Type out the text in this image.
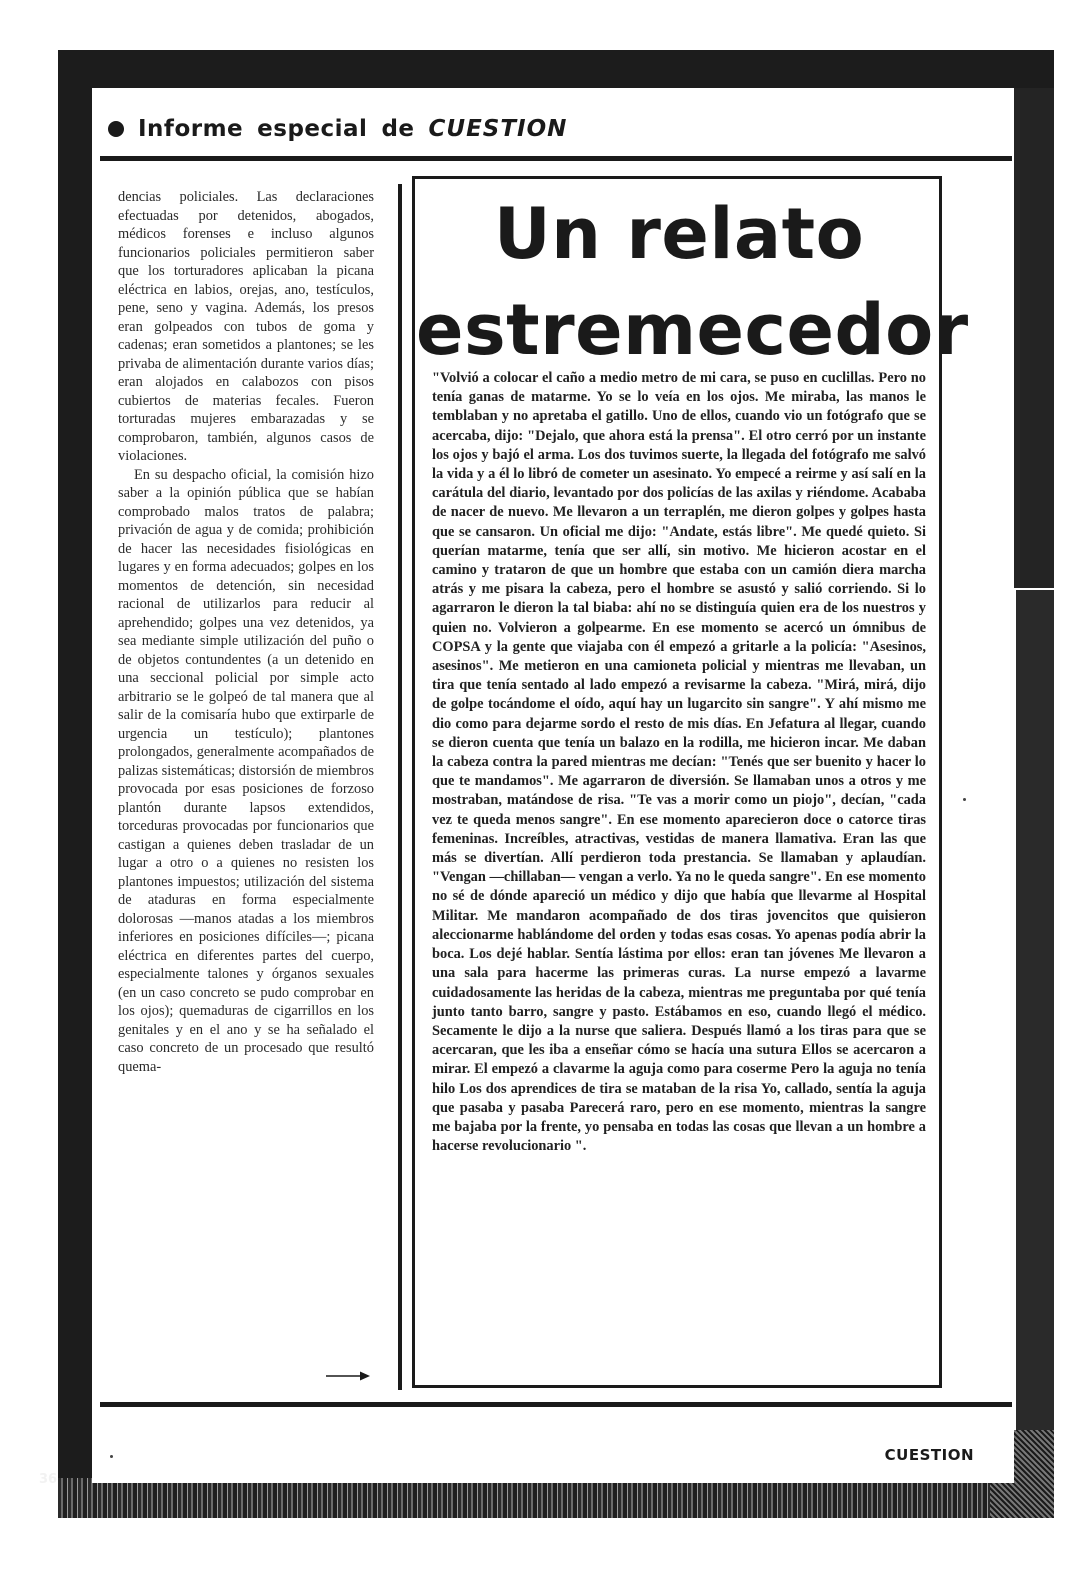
Informe especial de CUESTION

dencias policiales. Las declaraciones efectuadas por detenidos, abogados, médicos forenses e incluso algunos funcionarios policiales permitieron saber que los torturadores aplicaban la picana eléctrica en labios, orejas, ano, testículos, pene, seno y vagina. Además, los presos eran golpeados con tubos de goma y cadenas; eran sometidos a plantones; se les privaba de alimentación durante varios días; eran alojados en calabozos con pisos cubiertos de materias fecales. Fueron torturadas mujeres embarazadas y se comprobaron, también, algunos casos de violaciones.

En su despacho oficial, la comisión hizo saber a la opinión pública que se habían comprobado malos tratos de palabra; privación de agua y de comida; prohibición de hacer las necesidades fisiológicas en lugares y en forma adecuados; golpes en los momentos de detención, sin necesidad racional de utilizarlos para reducir al aprehendido; golpes una vez detenidos, ya sea mediante simple utilización del puño o de objetos contundentes (a un detenido en una seccional policial por simple acto arbitrario se le golpeó de tal manera que al salir de la comisaría hubo que extirparle de urgencia un testículo); plantones prolongados, generalmente acompañados de palizas sistemáticas; distorsión de miembros provocada por esas posiciones de forzoso plantón durante lapsos extendidos, torceduras provocadas por funcionarios que castigan a quienes deben trasladar de un lugar a otro o a quienes no resisten los plantones impuestos; utilización del sistema de ataduras en forma especialmente dolorosas —manos atadas a los miembros inferiores en posiciones difíciles—; picana eléctrica en diferentes partes del cuerpo, especialmente talones y órganos sexuales (en un caso concreto se pudo comprobar en los ojos); quemaduras de cigarrillos en los genitales y en el ano y se ha señalado el caso concreto de un procesado que resultó quema-

Un relato
estremecedor
"Volvió a colocar el caño a medio metro de mi cara, se puso en cuclillas. Pero no tenía ganas de matarme. Yo se lo veía en los ojos. Me miraba, las manos le temblaban y no apretaba el gatillo. Uno de ellos, cuando vio un fotógrafo que se acercaba, dijo: "Dejalo, que ahora está la prensa". El otro cerró por un instante los ojos y bajó el arma. Los dos tuvimos suerte, la llegada del fotógrafo me salvó la vida y a él lo libró de cometer un asesinato. Yo empecé a reirme y así salí en la carátula del diario, levantado por dos policías de las axilas y riéndome. Acababa de nacer de nuevo. Me llevaron a un terraplén, me dieron golpes y golpes hasta que se cansaron. Un oficial me dijo: "Andate, estás libre". Me quedé quieto. Si querían matarme, tenía que ser allí, sin motivo. Me hicieron acostar en el camino y trataron de que un hombre que estaba con un camión diera marcha atrás y me pisara la cabeza, pero el hombre se asustó y salió corriendo. Si lo agarraron le dieron la tal biaba: ahí no se distinguía quien era de los nuestros y quien no. Volvieron a golpearme. En ese momento se acercó un ómnibus de COPSA y la gente que viajaba con él empezó a gritarle a la policía: "Asesinos, asesinos". Me metieron en una camioneta policial y mientras me llevaban, un tira que tenía sentado al lado empezó a revisarme la cabeza. "Mirá, mirá, dijo de golpe tocándome el oído, aquí hay un lugarcito sin sangre". Y ahí mismo me dio como para dejarme sordo el resto de mis días. En Jefatura al llegar, cuando se dieron cuenta que tenía un balazo en la rodilla, me hicieron incar. Me daban la cabeza contra la pared mientras me decían: "Tenés que ser buenito y hacer lo que te mandamos". Me agarraron de diversión. Se llamaban unos a otros y me mostraban, matándose de risa. "Te vas a morir como un piojo", decían, "cada vez te queda menos sangre". En ese momento aparecieron doce o catorce tiras femeninas. Increíbles, atractivas, vestidas de manera llamativa. Eran las que más se divertían. Allí perdieron toda prestancia. Se llamaban y aplaudían. "Vengan —chillaban— vengan a verlo. Ya no le queda sangre". En ese momento no sé de dónde apareció un médico y dijo que había que llevarme al Hospital Militar. Me mandaron acompañado de dos tiras jovencitos que quisieron aleccionarme hablándome del orden y todas esas cosas. Yo apenas podía abrir la boca. Los dejé hablar. Sentía lástima por ellos: eran tan jóvenes Me llevaron a una sala para hacerme las primeras curas. La nurse empezó a lavarme cuidadosamente las heridas de la cabeza, mientras me preguntaba por qué tenía junto tanto barro, sangre y pasto. Estábamos en eso, cuando llegó el médico. Secamente le dijo a la nurse que saliera. Después llamó a los tiras para que se acercaran, que les iba a enseñar cómo se hacía una sutura Ellos se acercaron a mirar. El empezó a clavarme la aguja como para coserme Pero la aguja no tenía hilo Los dos aprendices de tira se mataban de la risa Yo, callado, sentía la aguja que pasaba y pasaba Parecerá raro, pero en ese momento, mientras la sangre me bajaba por la frente, yo pensaba en todas las cosas que llevan a un hombre a hacerse revolucionario ".
36
CUESTION
